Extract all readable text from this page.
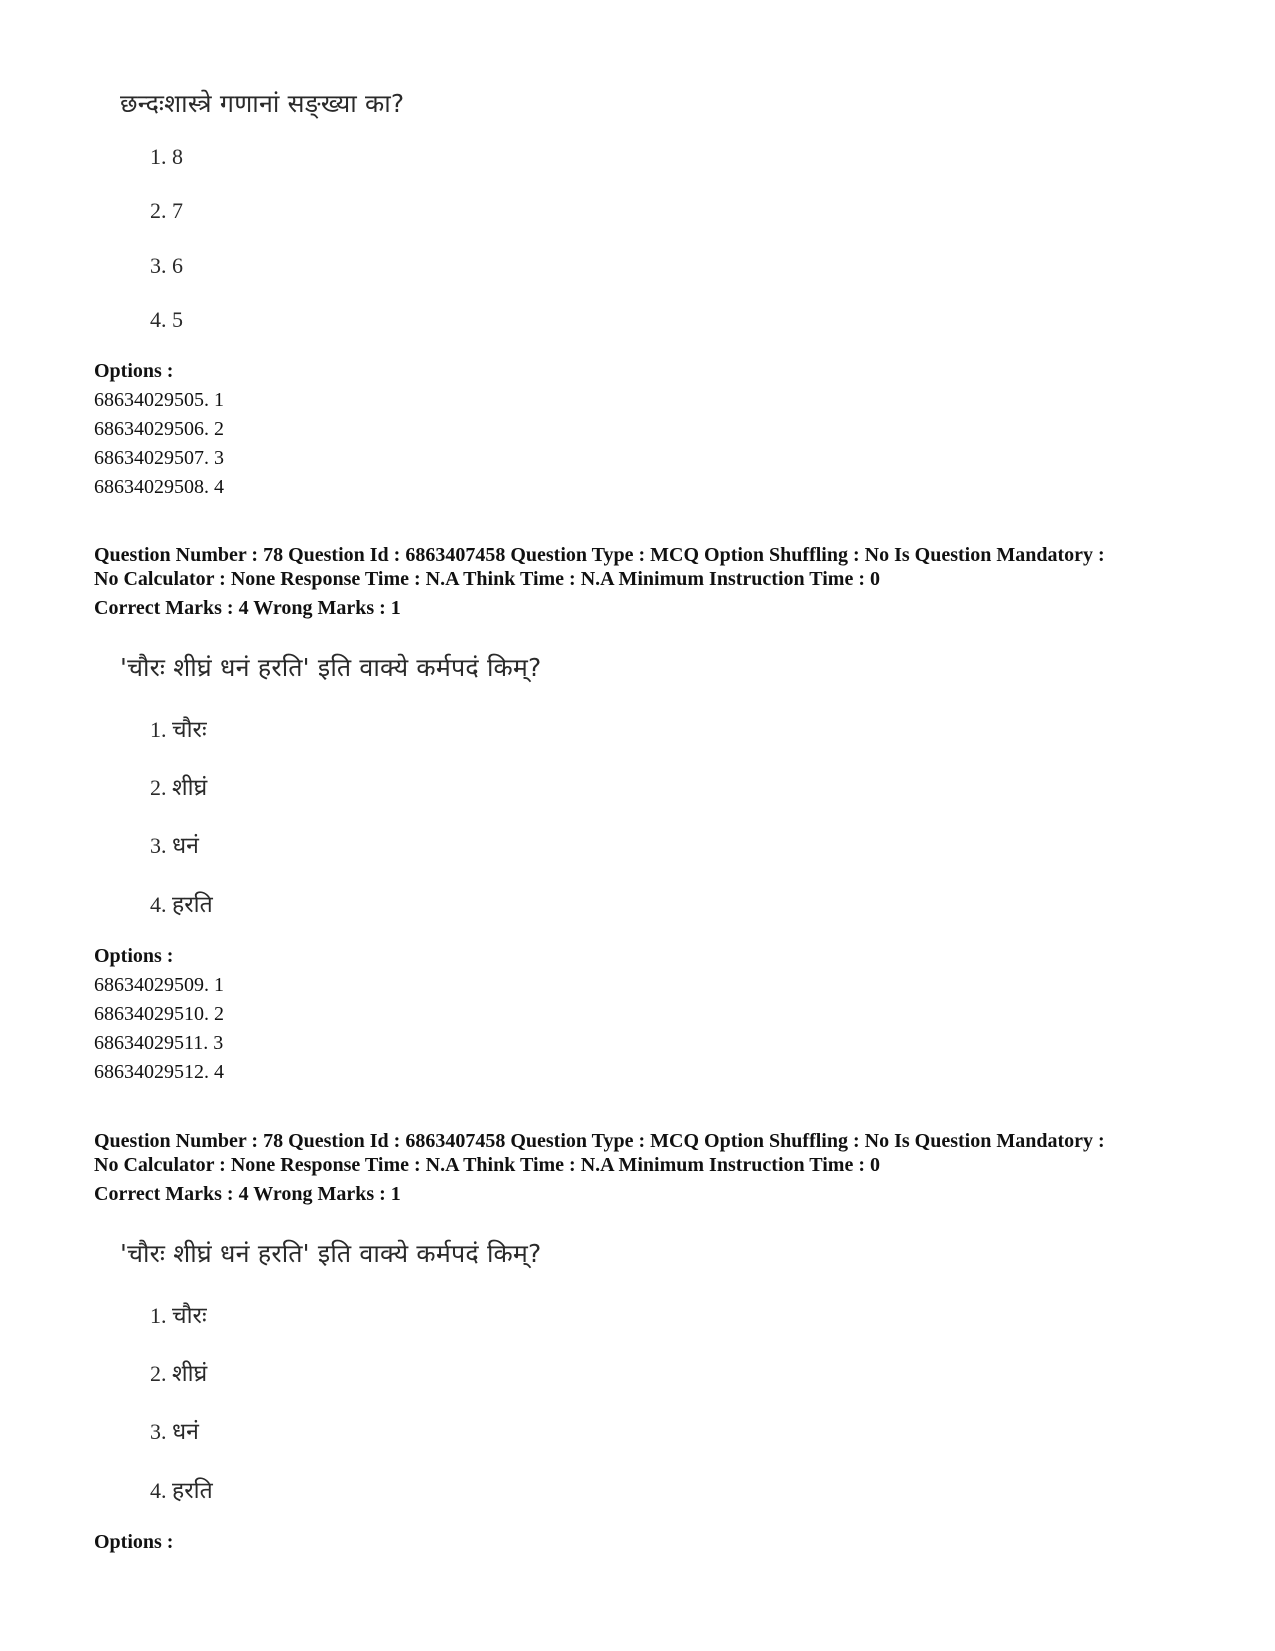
छन्दःशास्त्रे गणानां सङ्ख्या का?
1. 8
2. 7
3. 6
4. 5
Options :
68634029505. 1
68634029506. 2
68634029507. 3
68634029508. 4
Question Number : 78 Question Id : 6863407458 Question Type : MCQ Option Shuffling : No Is Question Mandatory :
No Calculator : None Response Time : N.A Think Time : N.A Minimum Instruction Time : 0
Correct Marks : 4 Wrong Marks : 1
'चौरः शीघ्रं धनं हरति' इति वाक्ये कर्मपदं किम्?
1. चौरः
2. शीघ्रं
3. धनं
4. हरति
Options :
68634029509. 1
68634029510. 2
68634029511. 3
68634029512. 4
Question Number : 78 Question Id : 6863407458 Question Type : MCQ Option Shuffling : No Is Question Mandatory :
No Calculator : None Response Time : N.A Think Time : N.A Minimum Instruction Time : 0
Correct Marks : 4 Wrong Marks : 1
'चौरः शीघ्रं धनं हरति' इति वाक्ये कर्मपदं किम्?
1. चौरः
2. शीघ्रं
3. धनं
4. हरति
Options :
